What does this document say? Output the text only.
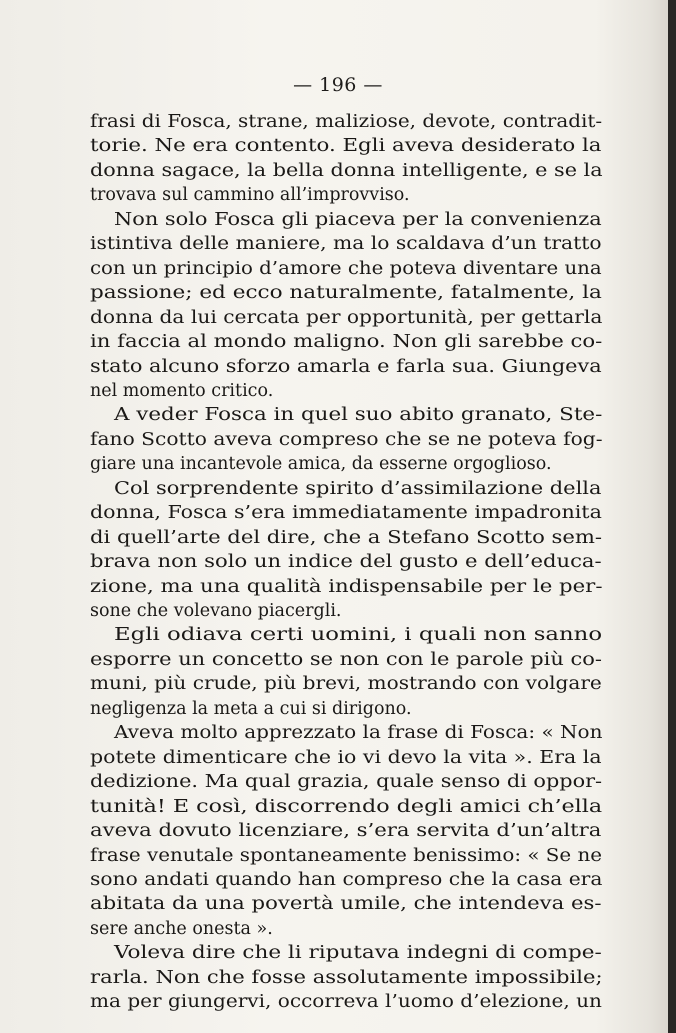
— 196 —
frasi di Fosca, strane, maliziose, devote, contradit-
torie. Ne era contento. Egli aveva desiderato la
donna sagace, la bella donna intelligente, e se la
trovava sul cammino all’improvviso.
Non solo Fosca gli piaceva per la convenienza
istintiva delle maniere, ma lo scaldava d’un tratto
con un principio d’amore che poteva diventare una
passione; ed ecco naturalmente, fatalmente, la
donna da lui cercata per opportunità, per gettarla
in faccia al mondo maligno. Non gli sarebbe co-
stato alcuno sforzo amarla e farla sua. Giungeva
nel momento critico.
A veder Fosca in quel suo abito granato, Ste-
fano Scotto aveva compreso che se ne poteva fog-
giare una incantevole amica, da esserne orgoglioso.
Col sorprendente spirito d’assimilazione della
donna, Fosca s’era immediatamente impadronita
di quell’arte del dire, che a Stefano Scotto sem-
brava non solo un indice del gusto e dell’educa-
zione, ma una qualità indispensabile per le per-
sone che volevano piacergli.
Egli odiava certi uomini, i quali non sanno
esporre un concetto se non con le parole più co-
muni, più crude, più brevi, mostrando con volgare
negligenza la meta a cui si dirigono.
Aveva molto apprezzato la frase di Fosca: « Non
potete dimenticare che io vi devo la vita ». Era la
dedizione. Ma qual grazia, quale senso di oppor-
tunità! E così, discorrendo degli amici ch’ella
aveva dovuto licenziare, s’era servita d’un’altra
frase venutale spontaneamente benissimo: « Se ne
sono andati quando han compreso che la casa era
abitata da una povertà umile, che intendeva es-
sere anche onesta ».
Voleva dire che li riputava indegni di compe-
rarla. Non che fosse assolutamente impossibile;
ma per giungervi, occorreva l’uomo d’elezione, un
